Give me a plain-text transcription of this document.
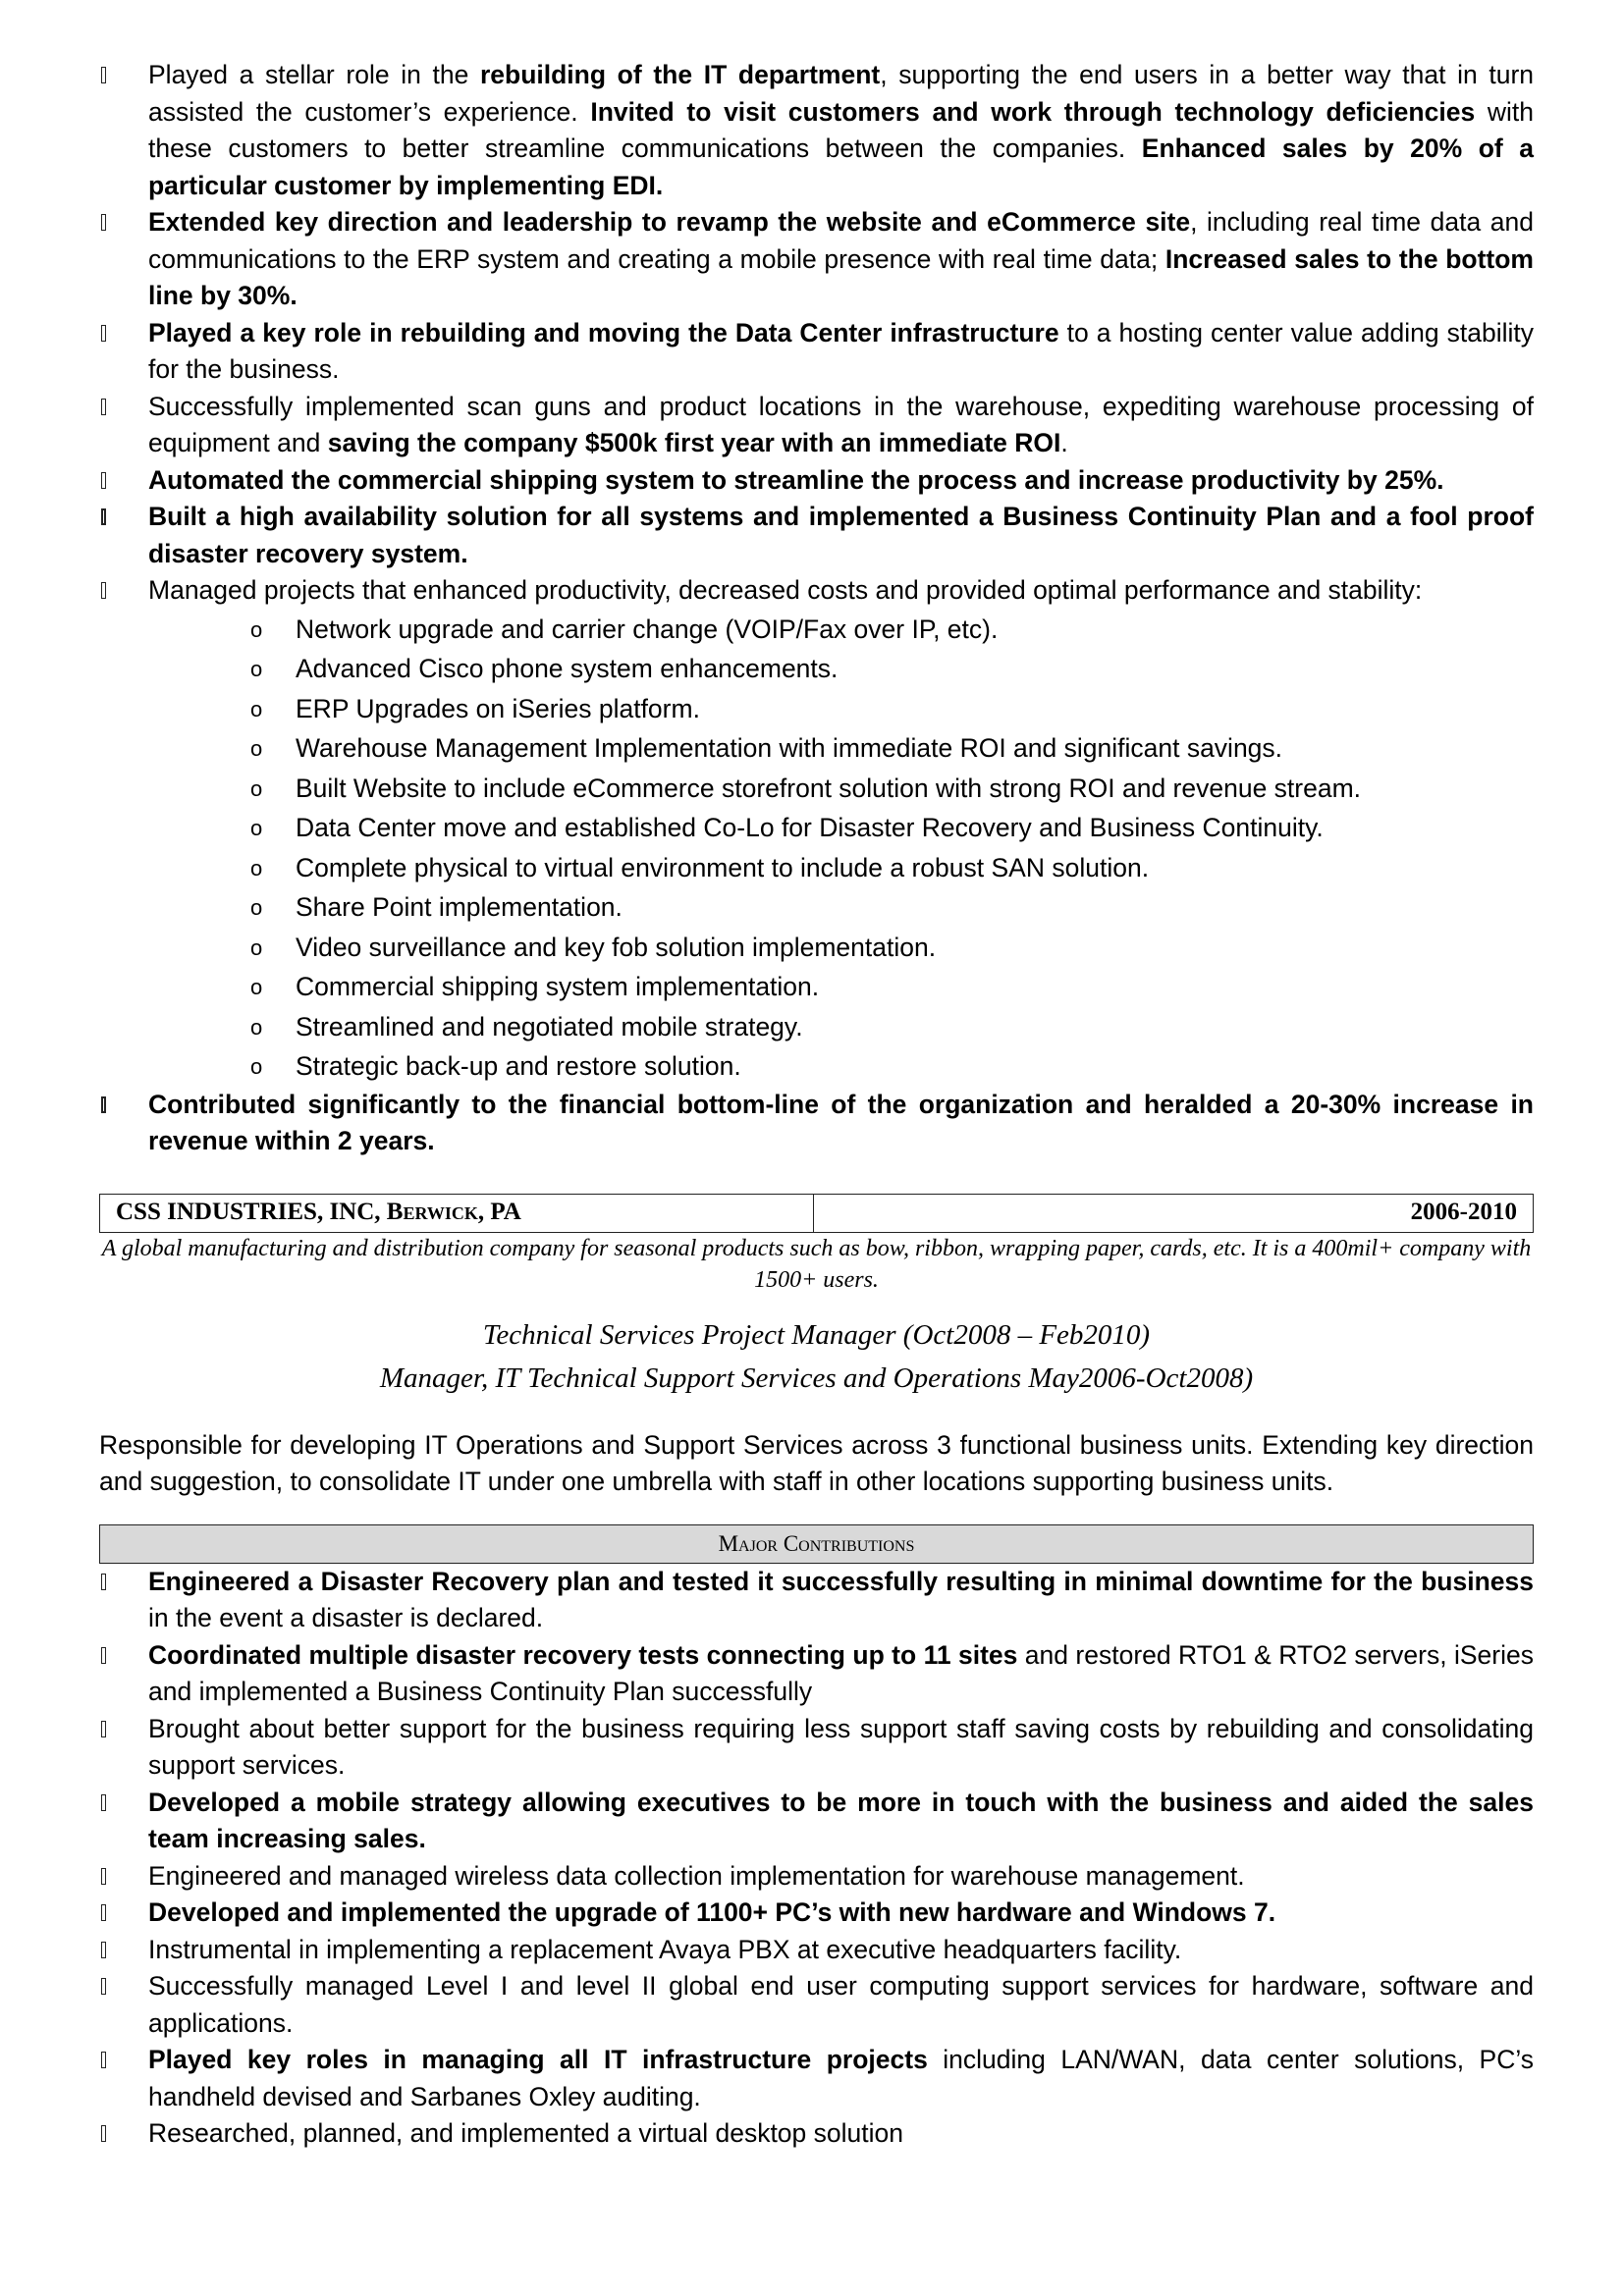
Played a stellar role in the rebuilding of the IT department, supporting the end users in a better way that in turn assisted the customer’s experience. Invited to visit customers and work through technology deficiencies with these customers to better streamline communications between the companies. Enhanced sales by 20% of a particular customer by implementing EDI.
Extended key direction and leadership to revamp the website and eCommerce site, including real time data and communications to the ERP system and creating a mobile presence with real time data; Increased sales to the bottom line by 30%.
Played a key role in rebuilding and moving the Data Center infrastructure to a hosting center value adding stability for the business.
Successfully implemented scan guns and product locations in the warehouse, expediting warehouse processing of equipment and saving the company $500k first year with an immediate ROI.
Automated the commercial shipping system to streamline the process and increase productivity by 25%.
Built a high availability solution for all systems and implemented a Business Continuity Plan and a fool proof disaster recovery system.
Managed projects that enhanced productivity, decreased costs and provided optimal performance and stability:
o Network upgrade and carrier change (VOIP/Fax over IP, etc).
o Advanced Cisco phone system enhancements.
o ERP Upgrades on iSeries platform.
o Warehouse Management Implementation with immediate ROI and significant savings.
o Built Website to include eCommerce storefront solution with strong ROI and revenue stream.
o Data Center move and established Co-Lo for Disaster Recovery and Business Continuity.
o Complete physical to virtual environment to include a robust SAN solution.
o Share Point implementation.
o Video surveillance and key fob solution implementation.
o Commercial shipping system implementation.
o Streamlined and negotiated mobile strategy.
o Strategic back-up and restore solution.
Contributed significantly to the financial bottom-line of the organization and heralded a 20-30% increase in revenue within 2 years.
CSS INDUSTRIES, INC, Berwick, PA	2006-2010
A global manufacturing and distribution company for seasonal products such as bow, ribbon, wrapping paper, cards, etc. It is a 400mil+ company with 1500+ users.
Technical Services Project Manager (Oct2008 – Feb2010)
Manager, IT Technical Support Services and Operations May2006-Oct2008)
Responsible for developing IT Operations and Support Services across 3 functional business units. Extending key direction and suggestion, to consolidate IT under one umbrella with staff in other locations supporting business units.
Major Contributions
Engineered a Disaster Recovery plan and tested it successfully resulting in minimal downtime for the business in the event a disaster is declared.
Coordinated multiple disaster recovery tests connecting up to 11 sites and restored RTO1 & RTO2 servers, iSeries and implemented a Business Continuity Plan successfully
Brought about better support for the business requiring less support staff saving costs by rebuilding and consolidating support services.
Developed a mobile strategy allowing executives to be more in touch with the business and aided the sales team increasing sales.
Engineered and managed wireless data collection implementation for warehouse management.
Developed and implemented the upgrade of 1100+ PC’s with new hardware and Windows 7.
Instrumental in implementing a replacement Avaya PBX at executive headquarters facility.
Successfully managed Level I and level II global end user computing support services for hardware, software and applications.
Played key roles in managing all IT infrastructure projects including LAN/WAN, data center solutions, PC’s handheld devised and Sarbanes Oxley auditing.
Researched, planned, and implemented a virtual desktop solution
